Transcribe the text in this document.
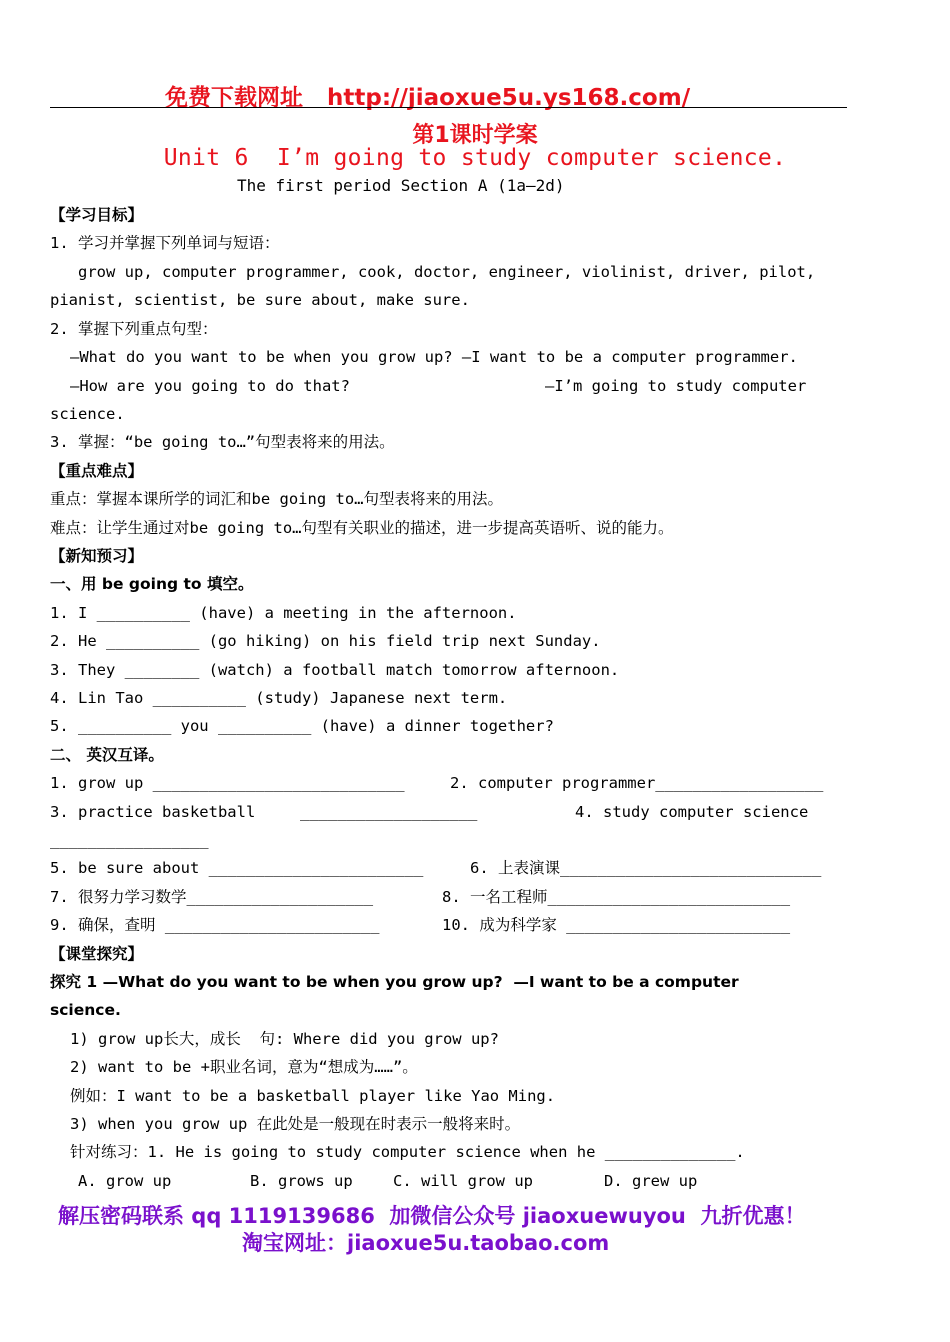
免费下载网址   http://jiaoxue5u.ys168.com/
第1课时学案
Unit 6  I’m going to study computer science.
The first period Section A (1a—2d)
【学习目标】
1. 学习并掌握下列单词与短语：
grow up, computer programmer, cook, doctor, engineer, violinist, driver, pilot,
pianist, scientist, be sure about, make sure.
2. 掌握下列重点句型：
—What do you want to be when you grow up? —I want to be a computer programmer.
—How are you going to do that?	—I’m going to study computer
science.
3. 掌握：“be going to…”句型表将来的用法。
【重点难点】
重点：掌握本课所学的词汇和be going to…句型表将来的用法。
难点：让学生通过对be going to…句型有关职业的描述，进一步提高英语听、说的能力。
【新知预习】
一、用 be going to 填空。
1. I __________ (have) a meeting in the afternoon.
2. He __________ (go hiking) on his field trip next Sunday.
3. They ________ (watch) a football match tomorrow afternoon.
4. Lin Tao __________ (study) Japanese next term.
5. __________ you __________ (have) a dinner together?
二、 英汉互译。
1. grow up ___________________________	2. computer programmer__________________
3. practice basketball	___________________	4. study computer science
_________________
5. be sure about _______________________	6. 上表演课____________________________
7. 很努力学习数学____________________	8. 一名工程师__________________________
9. 确保，查明 _______________________	10. 成为科学家 ________________________
【课堂探究】
探究 1 —What do you want to be when you grow up?  —I want to be a computer
science.
1) grow up长大，成长  句: Where did you grow up?
2) want to be +职业名词，意为“想成为……”。
例如：I want to be a basketball player like Yao Ming.
3) when you grow up 在此处是一般现在时表示一般将来时。
针对练习：1. He is going to study computer science when he ______________.
A. grow up	B. grows up	C. will grow up	D. grew up
解压密码联系 qq 1119139686  加微信公众号 jiaoxuewuyou  九折优惠！
淘宝网址：jiaoxue5u.taobao.com
